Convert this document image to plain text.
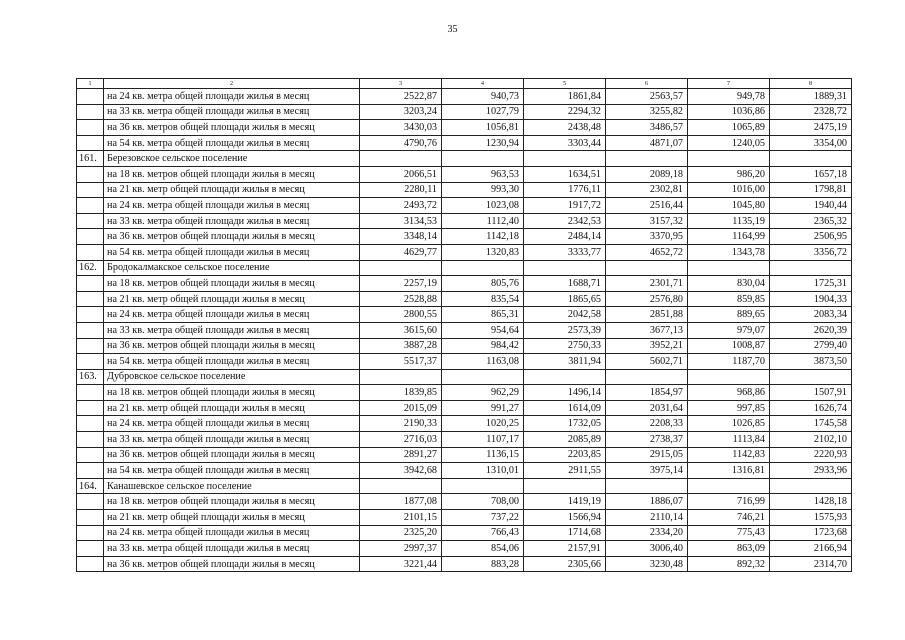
35
1	2	3	4	5	6	7	8
	на 24 кв. метра общей площади жилья в месяц	2522,87	940,73	1861,84	2563,57	949,78	1889,31
	на 33 кв. метра общей площади жилья в месяц	3203,24	1027,79	2294,32	3255,82	1036,86	2328,72
	на 36 кв. метров общей площади жилья в месяц	3430,03	1056,81	2438,48	3486,57	1065,89	2475,19
	на 54 кв. метра общей площади жилья в месяц	4790,76	1230,94	3303,44	4871,07	1240,05	3354,00
161.	Березовское сельское поселение						
	на 18 кв. метров общей площади жилья в месяц	2066,51	963,53	1634,51	2089,18	986,20	1657,18
	на 21 кв. метр общей площади жилья в месяц	2280,11	993,30	1776,11	2302,81	1016,00	1798,81
	на 24 кв. метра общей площади жилья в месяц	2493,72	1023,08	1917,72	2516,44	1045,80	1940,44
	на 33 кв. метра общей площади жилья в месяц	3134,53	1112,40	2342,53	3157,32	1135,19	2365,32
	на 36 кв. метров общей площади жилья в месяц	3348,14	1142,18	2484,14	3370,95	1164,99	2506,95
	на 54 кв. метра общей площади жилья в месяц	4629,77	1320,83	3333,77	4652,72	1343,78	3356,72
162.	Бродокалмакское сельское поселение						
	на 18 кв. метров общей площади жилья в месяц	2257,19	805,76	1688,71	2301,71	830,04	1725,31
	на 21 кв. метр общей площади жилья в месяц	2528,88	835,54	1865,65	2576,80	859,85	1904,33
	на 24 кв. метра общей площади жилья в месяц	2800,55	865,31	2042,58	2851,88	889,65	2083,34
	на 33 кв. метра общей площади жилья в месяц	3615,60	954,64	2573,39	3677,13	979,07	2620,39
	на 36 кв. метров общей площади жилья в месяц	3887,28	984,42	2750,33	3952,21	1008,87	2799,40
	на 54 кв. метра общей площади жилья в месяц	5517,37	1163,08	3811,94	5602,71	1187,70	3873,50
163.	Дубровское сельское поселение						
	на 18 кв. метров общей площади жилья в месяц	1839,85	962,29	1496,14	1854,97	968,86	1507,91
	на 21 кв. метр общей площади жилья в месяц	2015,09	991,27	1614,09	2031,64	997,85	1626,74
	на 24 кв. метра общей площади жилья в месяц	2190,33	1020,25	1732,05	2208,33	1026,85	1745,58
	на 33 кв. метра общей площади жилья в месяц	2716,03	1107,17	2085,89	2738,37	1113,84	2102,10
	на 36 кв. метров общей площади жилья в месяц	2891,27	1136,15	2203,85	2915,05	1142,83	2220,93
	на 54 кв. метра общей площади жилья в месяц	3942,68	1310,01	2911,55	3975,14	1316,81	2933,96
164.	Канашевское сельское поселение						
	на 18 кв. метров общей площади жилья в месяц	1877,08	708,00	1419,19	1886,07	716,99	1428,18
	на 21 кв. метр общей площади жилья в месяц	2101,15	737,22	1566,94	2110,14	746,21	1575,93
	на 24 кв. метра общей площади жилья в месяц	2325,20	766,43	1714,68	2334,20	775,43	1723,68
	на 33 кв. метра общей площади жилья в месяц	2997,37	854,06	2157,91	3006,40	863,09	2166,94
	на 36 кв. метров общей площади жилья в месяц	3221,44	883,28	2305,66	3230,48	892,32	2314,70
